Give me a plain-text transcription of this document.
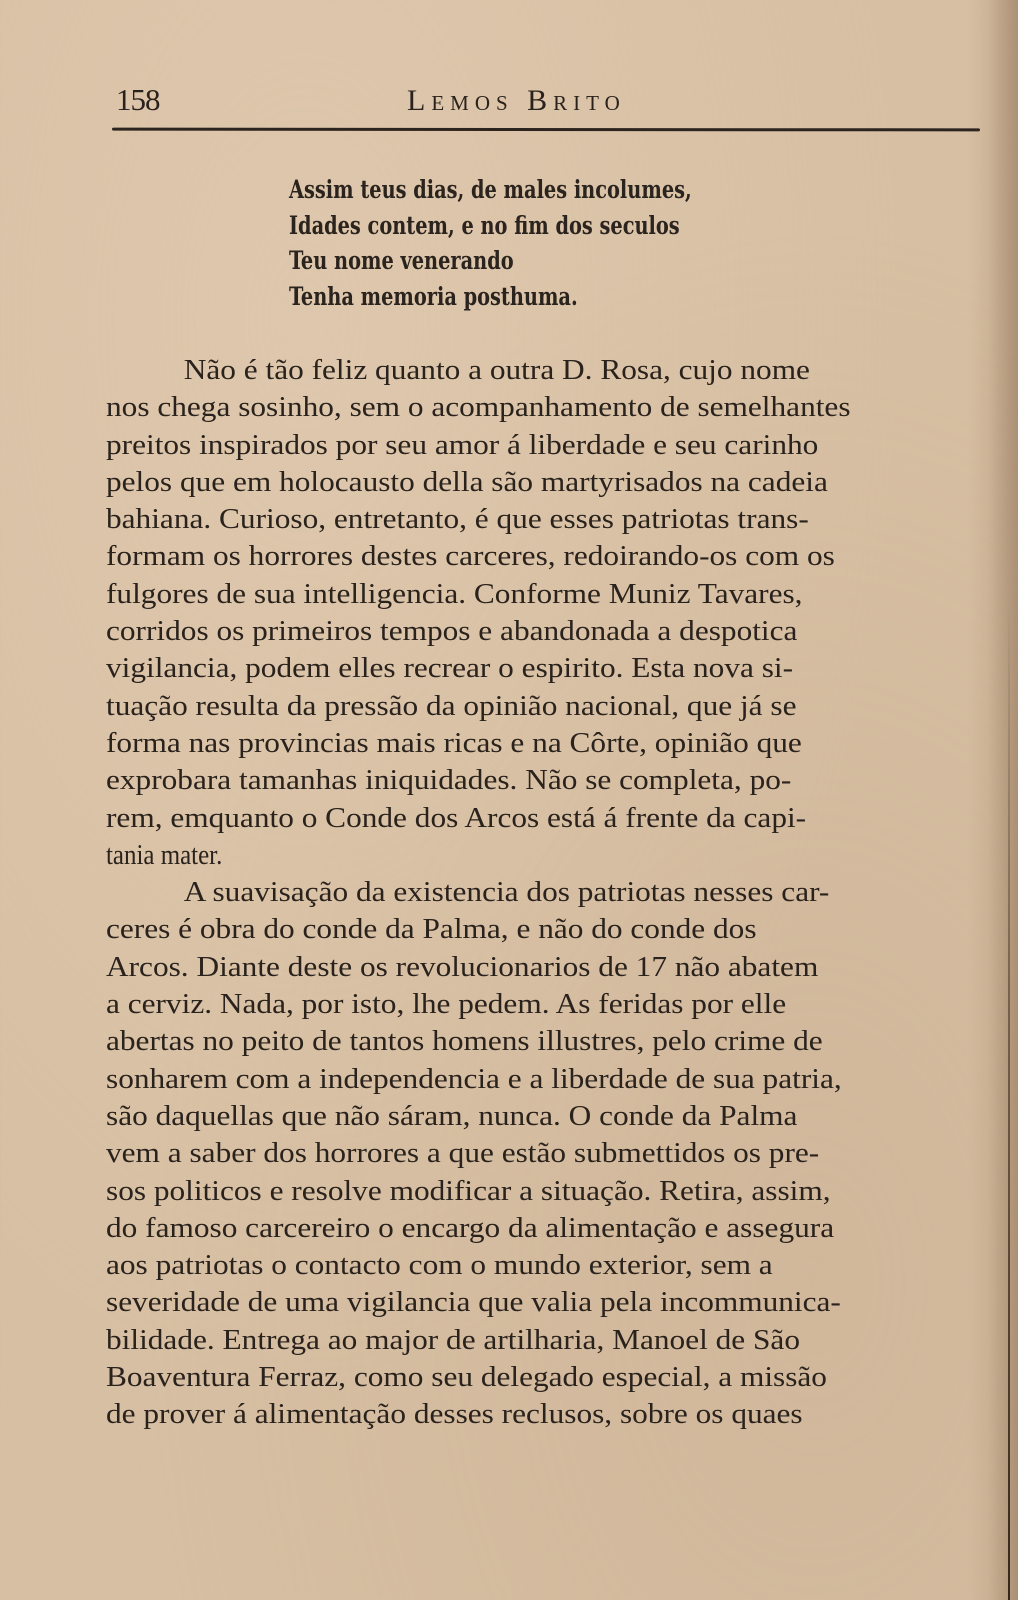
158	Lemos Brito
Assim teus dias, de males incolumes,
Idades contem, e no fim dos seculos
Teu nome venerando
Tenha memoria posthuma.
Não é tão feliz quanto a outra D. Rosa, cujo nome
nos chega sosinho, sem o acompanhamento de semelhantes
preitos inspirados por seu amor á liberdade e seu carinho
pelos que em holocausto della são martyrisados na cadeia
bahiana. Curioso, entretanto, é que esses patriotas trans-
formam os horrores destes carceres, redoirando-os com os
fulgores de sua intelligencia. Conforme Muniz Tavares,
corridos os primeiros tempos e abandonada a despotica
vigilancia, podem elles recrear o espirito. Esta nova si-
tuação resulta da pressão da opinião nacional, que já se
forma nas provincias mais ricas e na Côrte, opinião que
exprobara tamanhas iniquidades. Não se completa, po-
rem, emquanto o Conde dos Arcos está á frente da capi-
tania mater.
A suavisação da existencia dos patriotas nesses car-
ceres é obra do conde da Palma, e não do conde dos
Arcos. Diante deste os revolucionarios de 17 não abatem
a cerviz. Nada, por isto, lhe pedem. As feridas por elle
abertas no peito de tantos homens illustres, pelo crime de
sonharem com a independencia e a liberdade de sua patria,
são daquellas que não sáram, nunca. O conde da Palma
vem a saber dos horrores a que estão submettidos os pre-
sos politicos e resolve modificar a situação. Retira, assim,
do famoso carcereiro o encargo da alimentação e assegura
aos patriotas o contacto com o mundo exterior, sem a
severidade de uma vigilancia que valia pela incommunica-
bilidade. Entrega ao major de artilharia, Manoel de São
Boaventura Ferraz, como seu delegado especial, a missão
de prover á alimentação desses reclusos, sobre os quaes
